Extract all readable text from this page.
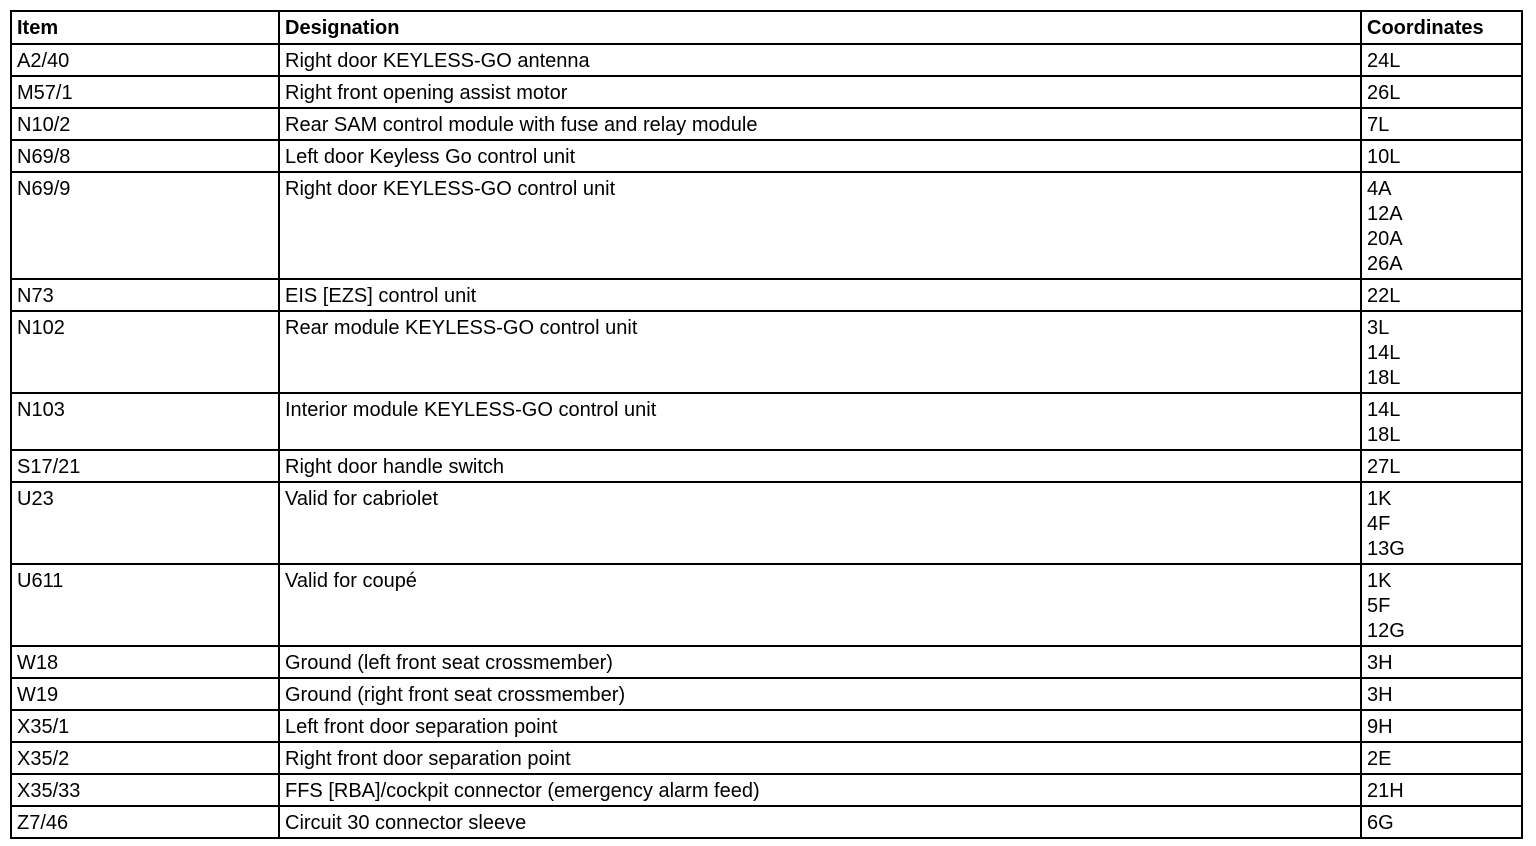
Item	Designation	Coordinates
A2/40	Right door KEYLESS-GO antenna	24L

M57/1	Right front opening assist motor	26L

N10/2	Rear SAM control module with fuse and relay module	7L

N69/8	Left door Keyless Go control unit	10L

N69/9	Right door KEYLESS-GO control unit	4A
12A
20A
26A

N73	EIS [EZS] control unit	22L

N102	Rear module KEYLESS-GO control unit	3L
14L
18L

N103	Interior module KEYLESS-GO control unit	14L
18L

S17/21	Right door handle switch	27L

U23	Valid for cabriolet	1K
4F
13G

U611	Valid for coupé	1K
5F
12G

W18	Ground (left front seat crossmember)	3H

W19	Ground (right front seat crossmember)	3H

X35/1	Left front door separation point	9H

X35/2	Right front door separation point	2E

X35/33	FFS [RBA]/cockpit connector (emergency alarm feed)	21H

Z7/46	Circuit 30 connector sleeve	6G
